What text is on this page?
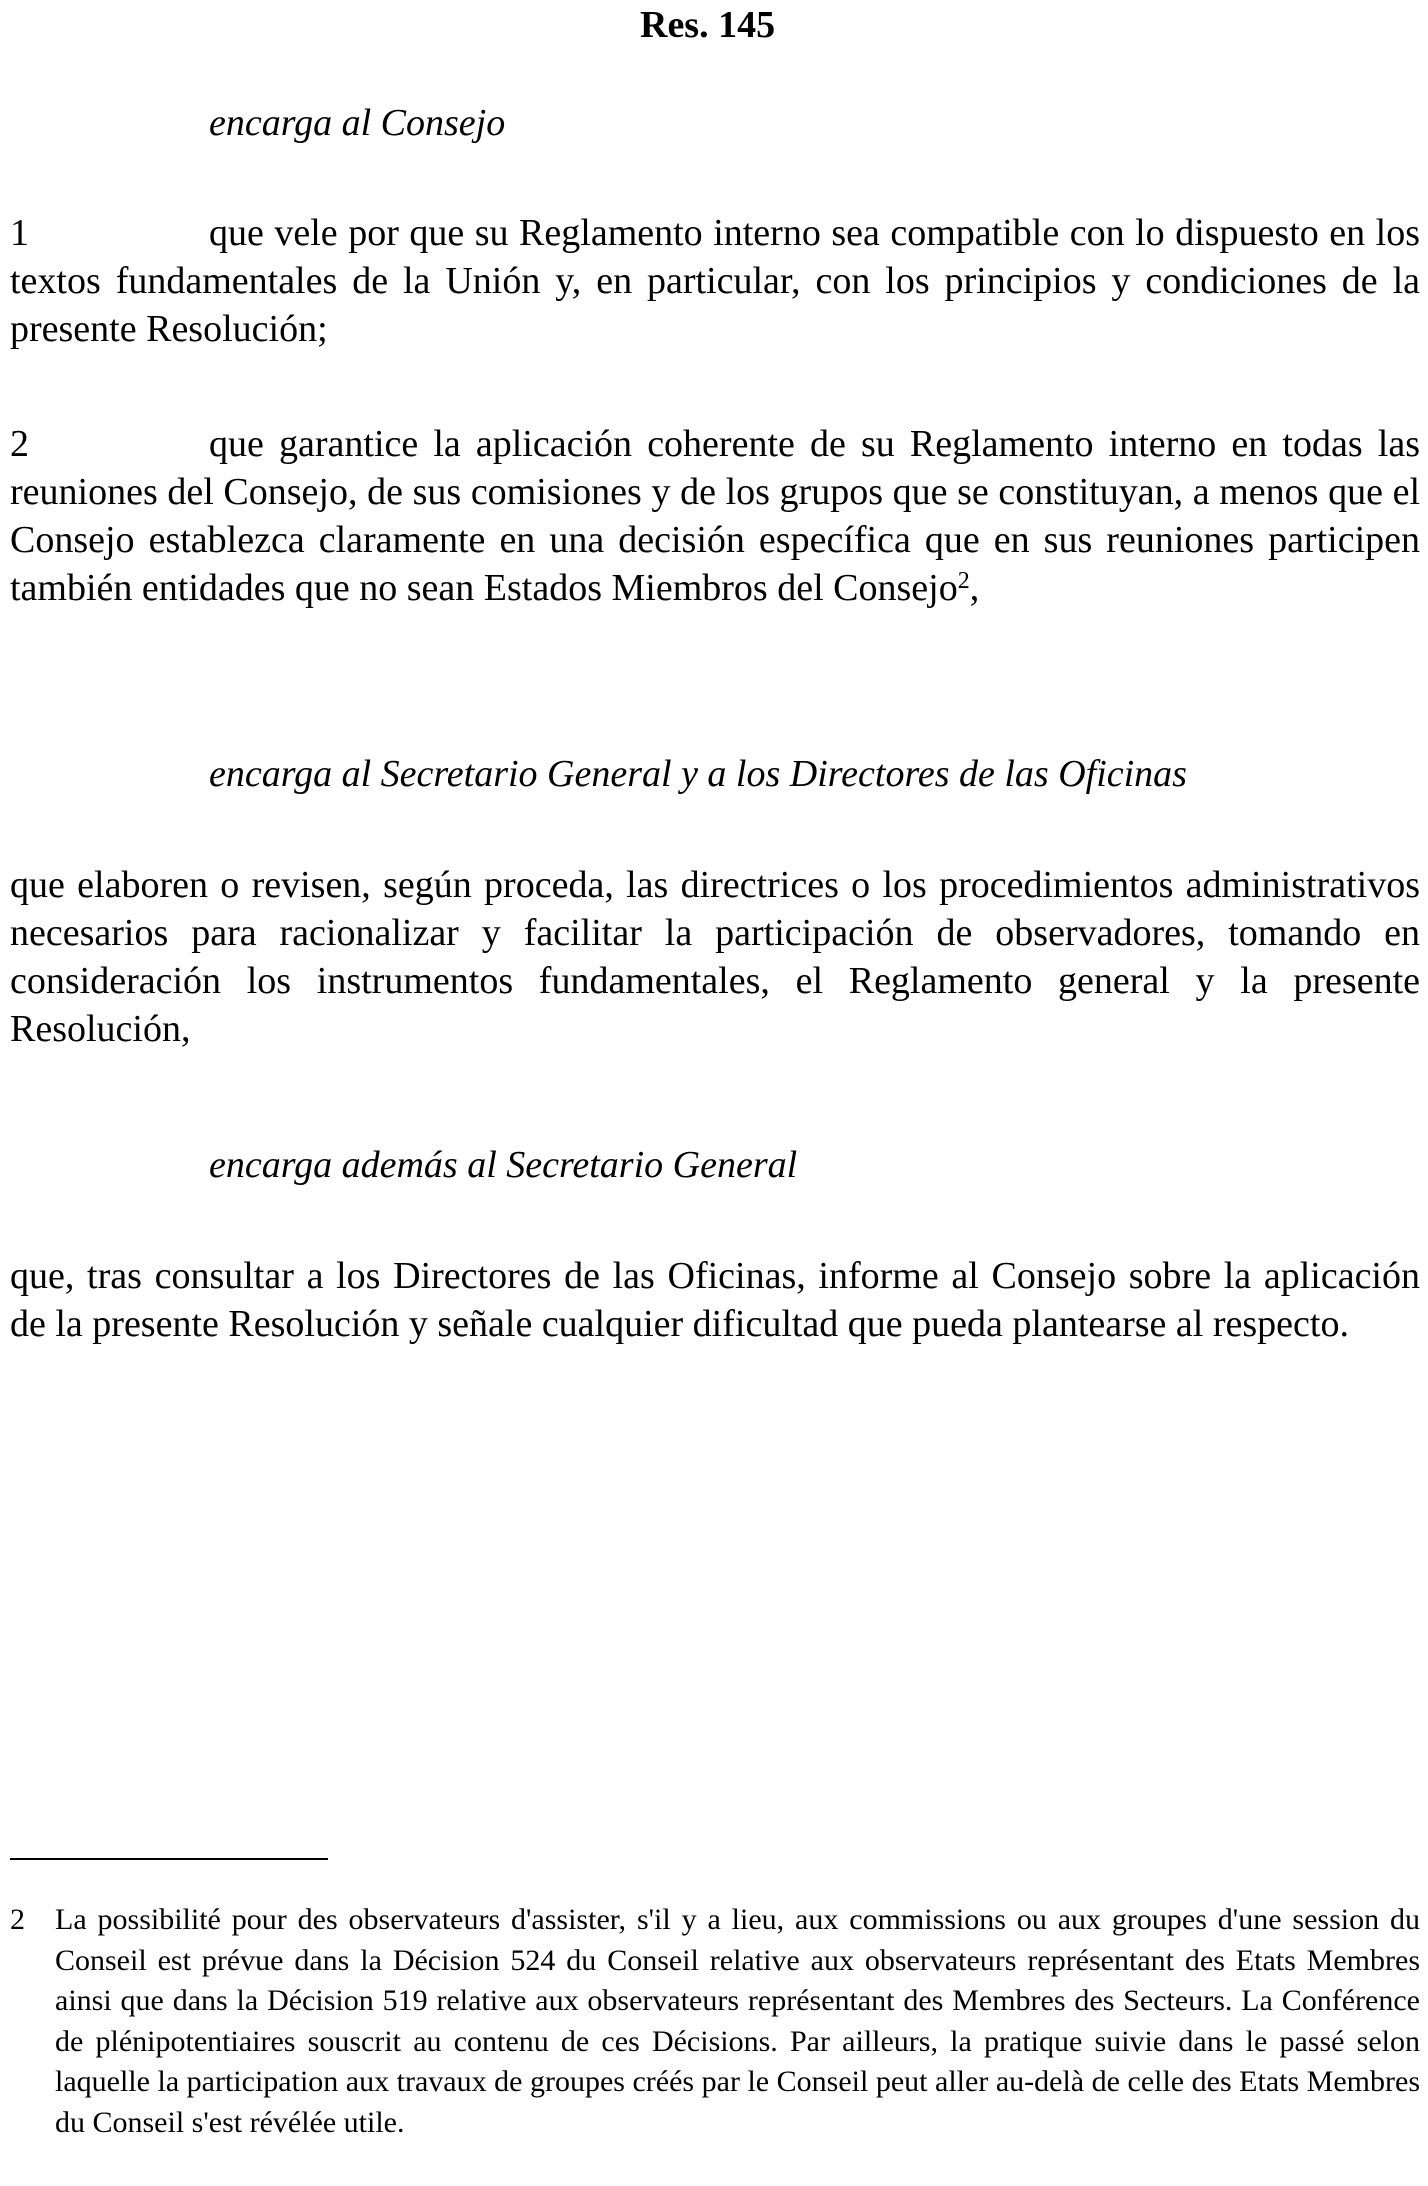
Res. 145
encarga al Consejo

1	que vele por que su Reglamento interno sea compatible con lo dispuesto en los textos fundamentales de la Unión y, en particular, con los principios y condiciones de la presente Resolución;

2	que garantice la aplicación coherente de su Reglamento interno en todas las reuniones del Consejo, de sus comisiones y de los grupos que se constituyan, a menos que el Consejo establezca claramente en una decisión específica que en sus reuniones participen también entidades que no sean Estados Miembros del Consejo$^2$,

encarga al Secretario General y a los Directores de las Oficinas

que elaboren o revisen, según proceda, las directrices o los procedimientos administrativos necesarios para racionalizar y facilitar la participación de observadores, tomando en consideración los instrumentos fundamentales, el Reglamento general y la presente Resolución,

encarga además al Secretario General

que, tras consultar a los Directores de las Oficinas, informe al Consejo sobre la aplicación de la presente Resolución y señale cualquier dificultad que pueda plantearse al respecto.

2 La possibilité pour des observateurs d'assister, s'il y a lieu, aux commissions ou aux groupes d'une session du Conseil est prévue dans la Décision 524 du Conseil relative aux observateurs représentant des Etats Membres ainsi que dans la Décision 519 relative aux observateurs représentant des Membres des Secteurs. La Conférence de plénipotentiaires souscrit au contenu de ces Décisions. Par ailleurs, la pratique suivie dans le passé selon laquelle la participation aux travaux de groupes créés par le Conseil peut aller au-delà de celle des Etats Membres du Conseil s'est révélée utile.
